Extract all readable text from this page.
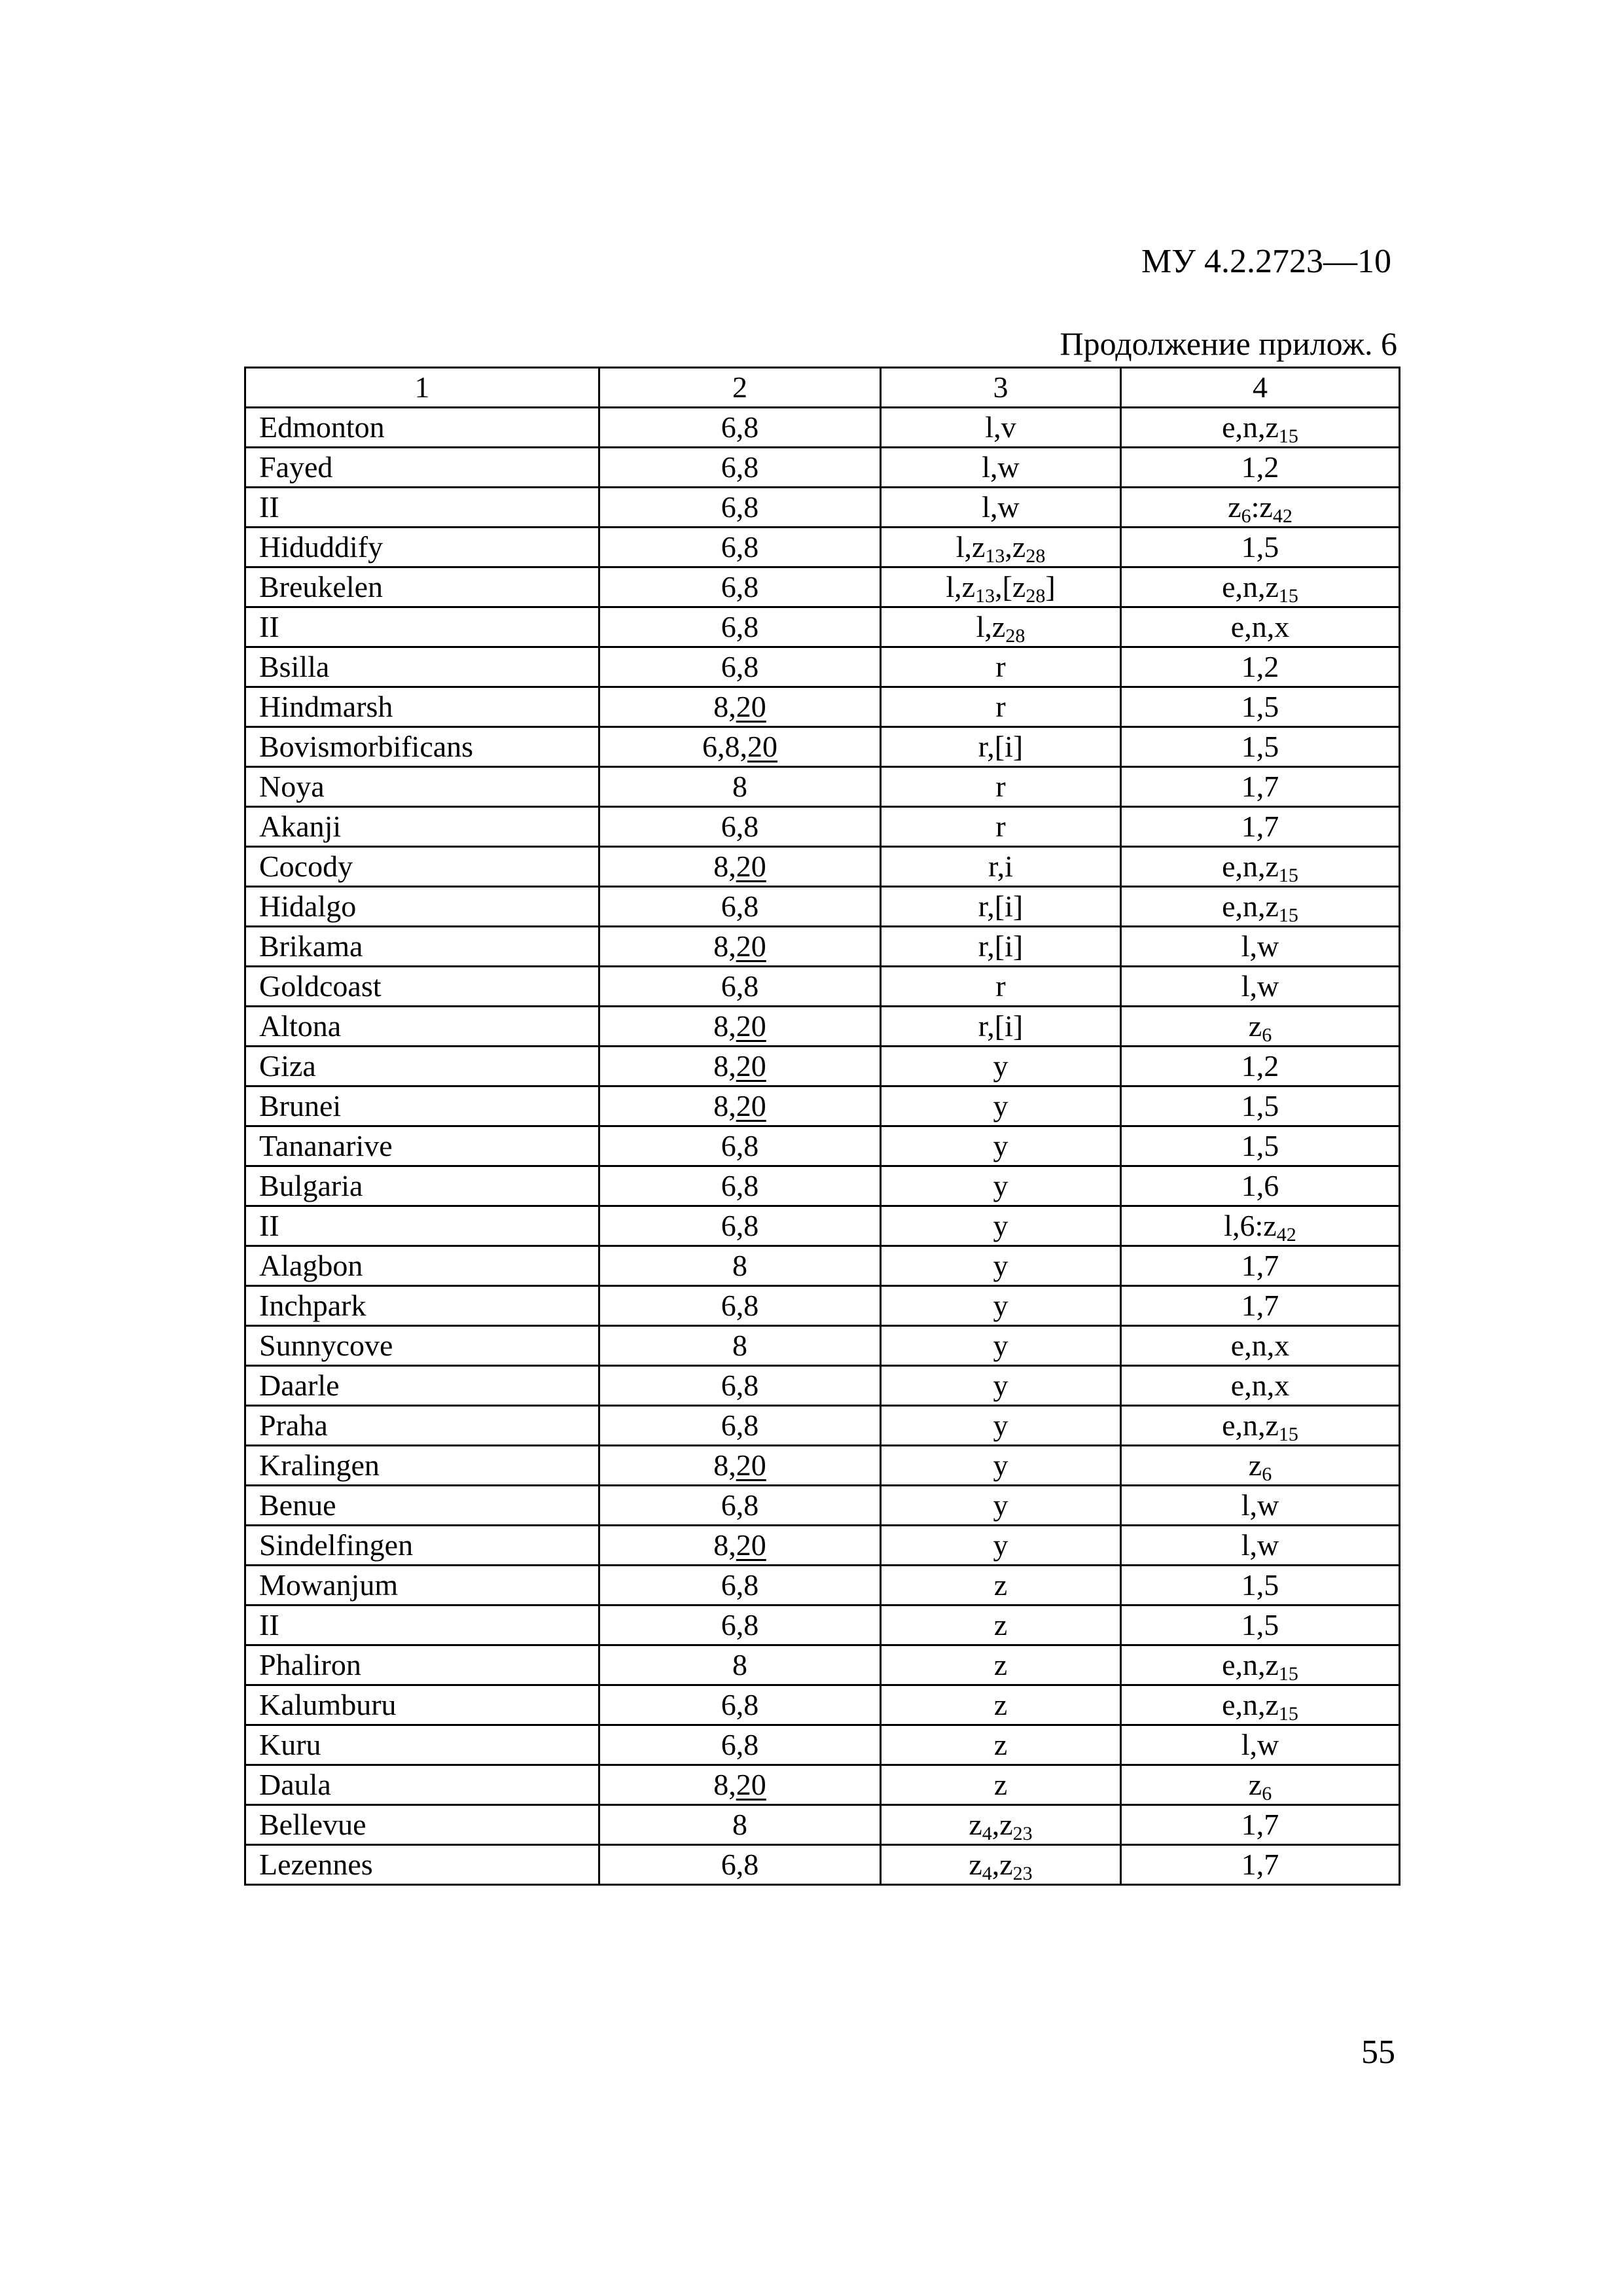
МУ 4.2.2723—10
Продолжение прилож. 6
1	2	3	4
Edmonton	6,8	l,v	$e,n,z_{15}$
Fayed	6,8	l,w	1,2
II	6,8	l,w	$z_6:z_{42}$
Hiduddify	6,8	$l,z_{13},z_{28}$	1,5
Breukelen	6,8	$l,z_{13},[z_{28}]$	$e,n,z_{15}$
II	6,8	$l,z_{28}$	e,n,x
Bsilla	6,8	r	1,2
Hindmarsh	8,20	r	1,5
Bovismorbificans	6,8,20	r,[i]	1,5
Noya	8	r	1,7
Akanji	6,8	r	1,7
Cocody	8,20	r,i	$e,n,z_{15}$
Hidalgo	6,8	r,[i]	$e,n,z_{15}$
Brikama	8,20	r,[i]	l,w
Goldcoast	6,8	r	l,w
Altona	8,20	r,[i]	$z_6$
Giza	8,20	y	1,2
Brunei	8,20	y	1,5
Tananarive	6,8	y	1,5
Bulgaria	6,8	y	1,6
II	6,8	y	$l,6:z_{42}$
Alagbon	8	y	1,7
Inchpark	6,8	y	1,7
Sunnycove	8	y	e,n,x
Daarle	6,8	y	e,n,x
Praha	6,8	y	$e,n,z_{15}$
Kralingen	8,20	y	$z_6$
Benue	6,8	y	l,w
Sindelfingen	8,20	y	l,w
Mowanjum	6,8	z	1,5
II	6,8	z	1,5
Phaliron	8	z	$e,n,z_{15}$
Kalumburu	6,8	z	$e,n,z_{15}$
Kuru	6,8	z	l,w
Daula	8,20	z	$z_6$
Bellevue	8	$z_4,z_{23}$	1,7
Lezennes	6,8	$z_4,z_{23}$	1,7
55
